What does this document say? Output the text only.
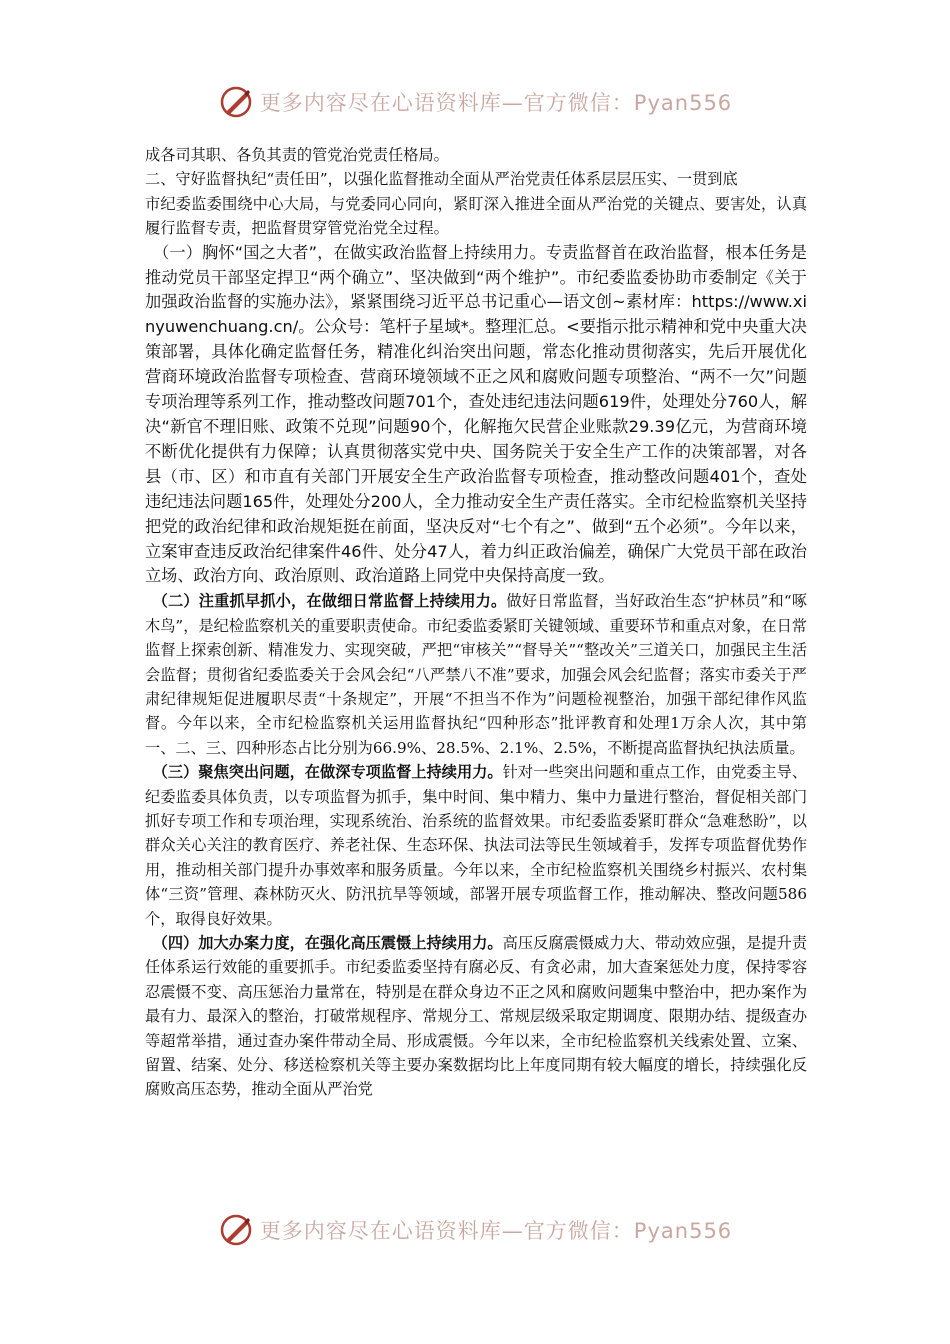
更多内容尽在心语资料库—官方微信：Pyan556

成各司其职、各负其责的管党治党责任格局。

二、守好监督执纪“责任田”，以强化监督推动全面从严治党责任体系层层压实、一贯到底

市纪委监委围绕中心大局，与党委同心同向，紧盯深入推进全面从严治党的关键点、要害处，认真履行监督专责，把监督贯穿管党治党全过程。

（一）胸怀“国之大者”，在做实政治监督上持续用力。专责监督首在政治监督，根本任务是推动党员干部坚定捍卫“两个确立”、坚决做到“两个维护”。市纪委监委协助市委制定《关于加强政治监督的实施办法》，紧紧围绕习近平总书记重心—语文创~素材库：https://www.xinyuwenchuang.cn/。公众号：笔杆子星域*。整理汇总。<要指示批示精神和党中央重大决策部署，具体化确定监督任务，精准化纠治突出问题，常态化推动贯彻落实，先后开展优化营商环境政治监督专项检查、营商环境领域不正之风和腐败问题专项整治、“两不一欠”问题专项治理等系列工作，推动整改问题701个，查处违纪违法问题619件，处理处分760人，解决“新官不理旧账、政策不兑现”问题90个，化解拖欠民营企业账款29.39亿元，为营商环境不断优化提供有力保障；认真贯彻落实党中央、国务院关于安全生产工作的决策部署，对各县（市、区）和市直有关部门开展安全生产政治监督专项检查，推动整改问题401个，查处违纪违法问题165件，处理处分200人，全力推动安全生产责任落实。全市纪检监察机关坚持把党的政治纪律和政治规矩挺在前面，坚决反对“七个有之”、做到“五个必须”。今年以来，立案审查违反政治纪律案件46件、处分47人，着力纠正政治偏差，确保广大党员干部在政治立场、政治方向、政治原则、政治道路上同党中央保持高度一致。

（二）注重抓早抓小，在做细日常监督上持续用力。做好日常监督，当好政治生态“护林员”和“啄木鸟”，是纪检监察机关的重要职责使命。市纪委监委紧盯关键领域、重要环节和重点对象，在日常监督上探索创新、精准发力、实现突破，严把“审核关”“督导关”“整改关”三道关口，加强民主生活会监督；贯彻省纪委监委关于会风会纪“八严禁八不准”要求，加强会风会纪监督；落实市委关于严肃纪律规矩促进履职尽责“十条规定”，开展“不担当不作为”问题检视整治，加强干部纪律作风监督。今年以来，全市纪检监察机关运用监督执纪“四种形态”批评教育和处理1万余人次，其中第一、二、三、四种形态占比分别为66.9%、28.5%、2.1%、2.5%，不断提高监督执纪执法质量。

（三）聚焦突出问题，在做深专项监督上持续用力。针对一些突出问题和重点工作，由党委主导、纪委监委具体负责，以专项监督为抓手，集中时间、集中精力、集中力量进行整治，督促相关部门抓好专项工作和专项治理，实现系统治、治系统的监督效果。市纪委监委紧盯群众“急难愁盼”，以群众关心关注的教育医疗、养老社保、生态环保、执法司法等民生领域着手，发挥专项监督优势作用，推动相关部门提升办事效率和服务质量。今年以来，全市纪检监察机关围绕乡村振兴、农村集体“三资”管理、森林防灭火、防汛抗旱等领域，部署开展专项监督工作，推动解决、整改问题586个，取得良好效果。

（四）加大办案力度，在强化高压震慑上持续用力。高压反腐震慑威力大、带动效应强，是提升责任体系运行效能的重要抓手。市纪委监委坚持有腐必反、有贪必肃，加大查案惩处力度，保持零容忍震慑不变、高压惩治力量常在，特别是在群众身边不正之风和腐败问题集中整治中，把办案作为最有力、最深入的整治，打破常规程序、常规分工、常规层级采取定期调度、限期办结、提级查办等超常举措，通过查办案件带动全局、形成震慑。今年以来，全市纪检监察机关线索处置、立案、留置、结案、处分、移送检察机关等主要办案数据均比上年度同期有较大幅度的增长，持续强化反腐败高压态势，推动全面从严治党

更多内容尽在心语资料库—官方微信：Pyan556
